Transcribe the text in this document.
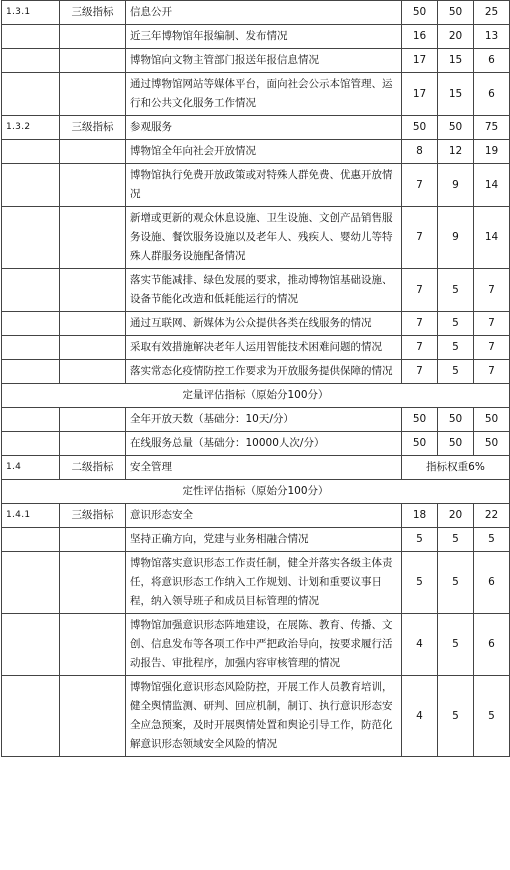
1.3.1	三级指标	信息公开	50	50	25
		近三年博物馆年报编制、发布情况	16	20	13
		博物馆向文物主管部门报送年报信息情况	17	15	6
		通过博物馆网站等媒体平台，面向社会公示本馆管理、运行和公共文化服务工作情况	17	15	6
1.3.2	三级指标	参观服务	50	50	75
		博物馆全年向社会开放情况	8	12	19
		博物馆执行免费开放政策或对特殊人群免费、优惠开放情况	7	9	14
		新增或更新的观众休息设施、卫生设施、文创产品销售服务设施、餐饮服务设施以及老年人、残疾人、婴幼儿等特殊人群服务设施配备情况	7	9	14
		落实节能减排、绿色发展的要求，推动博物馆基础设施、设备节能化改造和低耗能运行的情况	7	5	7
		通过互联网、新媒体为公众提供各类在线服务的情况	7	5	7
		采取有效措施解决老年人运用智能技术困难问题的情况	7	5	7
		落实常态化疫情防控工作要求为开放服务提供保障的情况	7	5	7
定量评估指标（原始分100分）					
		全年开放天数（基础分：10天/分）	50	50	50
		在线服务总量（基础分：10000人次/分）	50	50	50
1.4	二级指标	安全管理	指标权重6%		
定性评估指标（原始分100分）					
1.4.1	三级指标	意识形态安全	18	20	22
		坚持正确方向，党建与业务相融合情况	5	5	5
		博物馆落实意识形态工作责任制，健全并落实各级主体责任，将意识形态工作纳入工作规划、计划和重要议事日程，纳入领导班子和成员目标管理的情况	5	5	6
		博物馆加强意识形态阵地建设，在展陈、教育、传播、文创、信息发布等各项工作中严把政治导向，按要求履行活动报告、审批程序，加强内容审核管理的情况	4	5	6
		博物馆强化意识形态风险防控，开展工作人员教育培训，健全舆情监测、研判、回应机制，制订、执行意识形态安全应急预案，及时开展舆情处置和舆论引导工作，防范化解意识形态领域安全风险的情况	4	5	5
